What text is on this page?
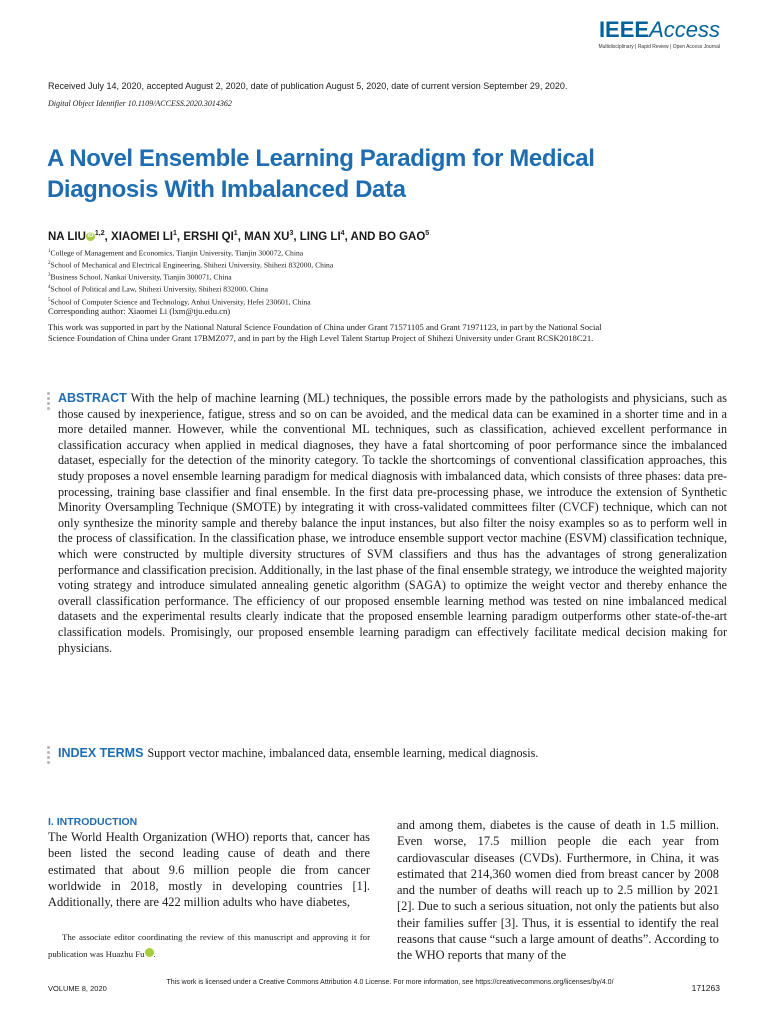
IEEEAccess
Multidisciplinary | Rapid Review | Open Access Journal
Received July 14, 2020, accepted August 2, 2020, date of publication August 5, 2020, date of current version September 29, 2020.
Digital Object Identifier 10.1109/ACCESS.2020.3014362
A Novel Ensemble Learning Paradigm for Medical
Diagnosis With Imbalanced Data
NA LIU iD $^{1,2}$, XIAOMEI $LI^1$, ERSHI $QI^1$, MAN $XU^3$, LING $LI^4$, AND BO GAO$^5$
$^1$College of Management and Economics, Tianjin University, Tianjin 300072, China
$^2$School of Mechanical and Electrical Engineering, Shihezi University, Shihezi 832000, China
$^3$Business School, Nankai University, Tianjin 300071, China
$^4$School of Political and Law, Shihezi University, Shihezi 832000, China
$^5$School of Computer Science and Technology, Anhui University, Hefei 230601, China
Corresponding author: Xiaomei Li (lxm@tju.edu.cn)
This work was supported in part by the National Natural Science Foundation of China under Grant 71571105 and Grant 71971123, in part by the National Social Science Foundation of China under Grant 17BMZ077, and in part by the High Level Talent Startup Project of Shihezi University under Grant RCSK2018C21.
ABSTRACT With the help of machine learning (ML) techniques, the possible errors made by the pathologists and physicians, such as those caused by inexperience, fatigue, stress and so on can be avoided, and the medical data can be examined in a shorter time and in a more detailed manner. However, while the conventional ML techniques, such as classification, achieved excellent performance in classification accuracy when applied in medical diagnoses, they have a fatal shortcoming of poor performance since the imbalanced dataset, especially for the detection of the minority category. To tackle the shortcomings of conventional classification approaches, this study proposes a novel ensemble learning paradigm for medical diagnosis with imbalanced data, which consists of three phases: data pre-processing, training base classifier and final ensemble. In the first data pre-processing phase, we introduce the extension of Synthetic Minority Oversampling Technique (SMOTE) by integrating it with cross-validated committees filter (CVCF) technique, which can not only synthesize the minority sample and thereby balance the input instances, but also filter the noisy examples so as to perform well in the process of classification. In the classification phase, we introduce ensemble support vector machine (ESVM) classification technique, which were constructed by multiple diversity structures of SVM classifiers and thus has the advantages of strong generalization performance and classification precision. Additionally, in the last phase of the final ensemble strategy, we introduce the weighted majority voting strategy and introduce simulated annealing genetic algorithm (SAGA) to optimize the weight vector and thereby enhance the overall classification performance. The efficiency of our proposed ensemble learning method was tested on nine imbalanced medical datasets and the experimental results clearly indicate that the proposed ensemble learning paradigm outperforms other state-of-the-art classification models. Promisingly, our proposed ensemble learning paradigm can effectively facilitate medical decision making for physicians.
INDEX TERMS Support vector machine, imbalanced data, ensemble learning, medical diagnosis.
I. INTRODUCTION
The World Health Organization (WHO) reports that, cancer has been listed the second leading cause of death and there estimated that about 9.6 million people die from cancer worldwide in 2018, mostly in developing countries [1]. Additionally, there are 422 million adults who have diabetes,
The associate editor coordinating the review of this manuscript and approving it for publication was Huazhu Fu iD.
and among them, diabetes is the cause of death in 1.5 million. Even worse, 17.5 million people die each year from cardiovascular diseases (CVDs). Furthermore, in China, it was estimated that 214,360 women died from breast cancer by 2008 and the number of deaths will reach up to 2.5 million by 2021 [2]. Due to such a serious situation, not only the patients but also their families suffer [3]. Thus, it is essential to identify the real reasons that cause “such a large amount of deaths”. According to the WHO reports that many of the
VOLUME 8, 2020
This work is licensed under a Creative Commons Attribution 4.0 License. For more information, see https://creativecommons.org/licenses/by/4.0/
171263
